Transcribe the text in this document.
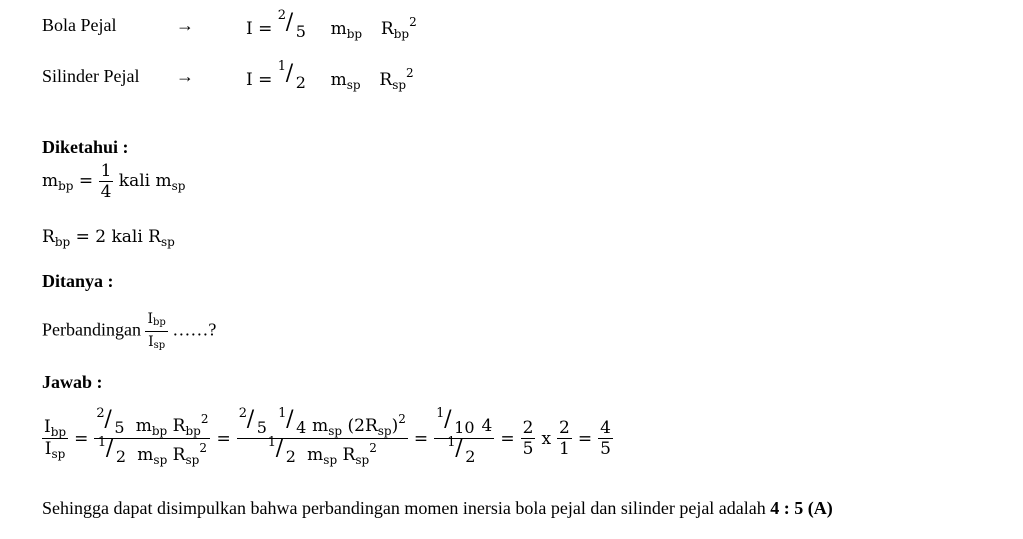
Bola Pejal	→	I =
2 / 5 $m_{bp}$ $R_{bp}^2$
Silinder Pejal →	I =
1 / 2 $m_{sp}$ $R_{sp}^2$
Diketahui :
$m_{bp} = \frac{1}{4}$ kali $m_{sp}$
$R_{bp} = 2$ kali $R_{sp}$
Ditanya :
Perbandingan $\frac{\text{Ibp}}{\text{Isp}}$ ……?
Jawab :
$\frac{I_{bp}}{I_{sp}} = \frac{2 / 5 m_{bp} R_{bp}^2}{1 / 2 m_{sp} R_{sp}^2} = 2 / 5$

1 / 4 $m_{sp}$ $(2R_{sp})^2$
1 / 2 $m_{sp}$ $R_{sp}^2 = \frac{1 / 10 4}{1 / 2} = \frac{2}{5}$ x $\frac{2}{1} = \frac{4}{5}$
Sehingga dapat disimpulkan bahwa perbandingan momen inersia bola pejal dan silinder pejal adalah 4 : 5 (A)
